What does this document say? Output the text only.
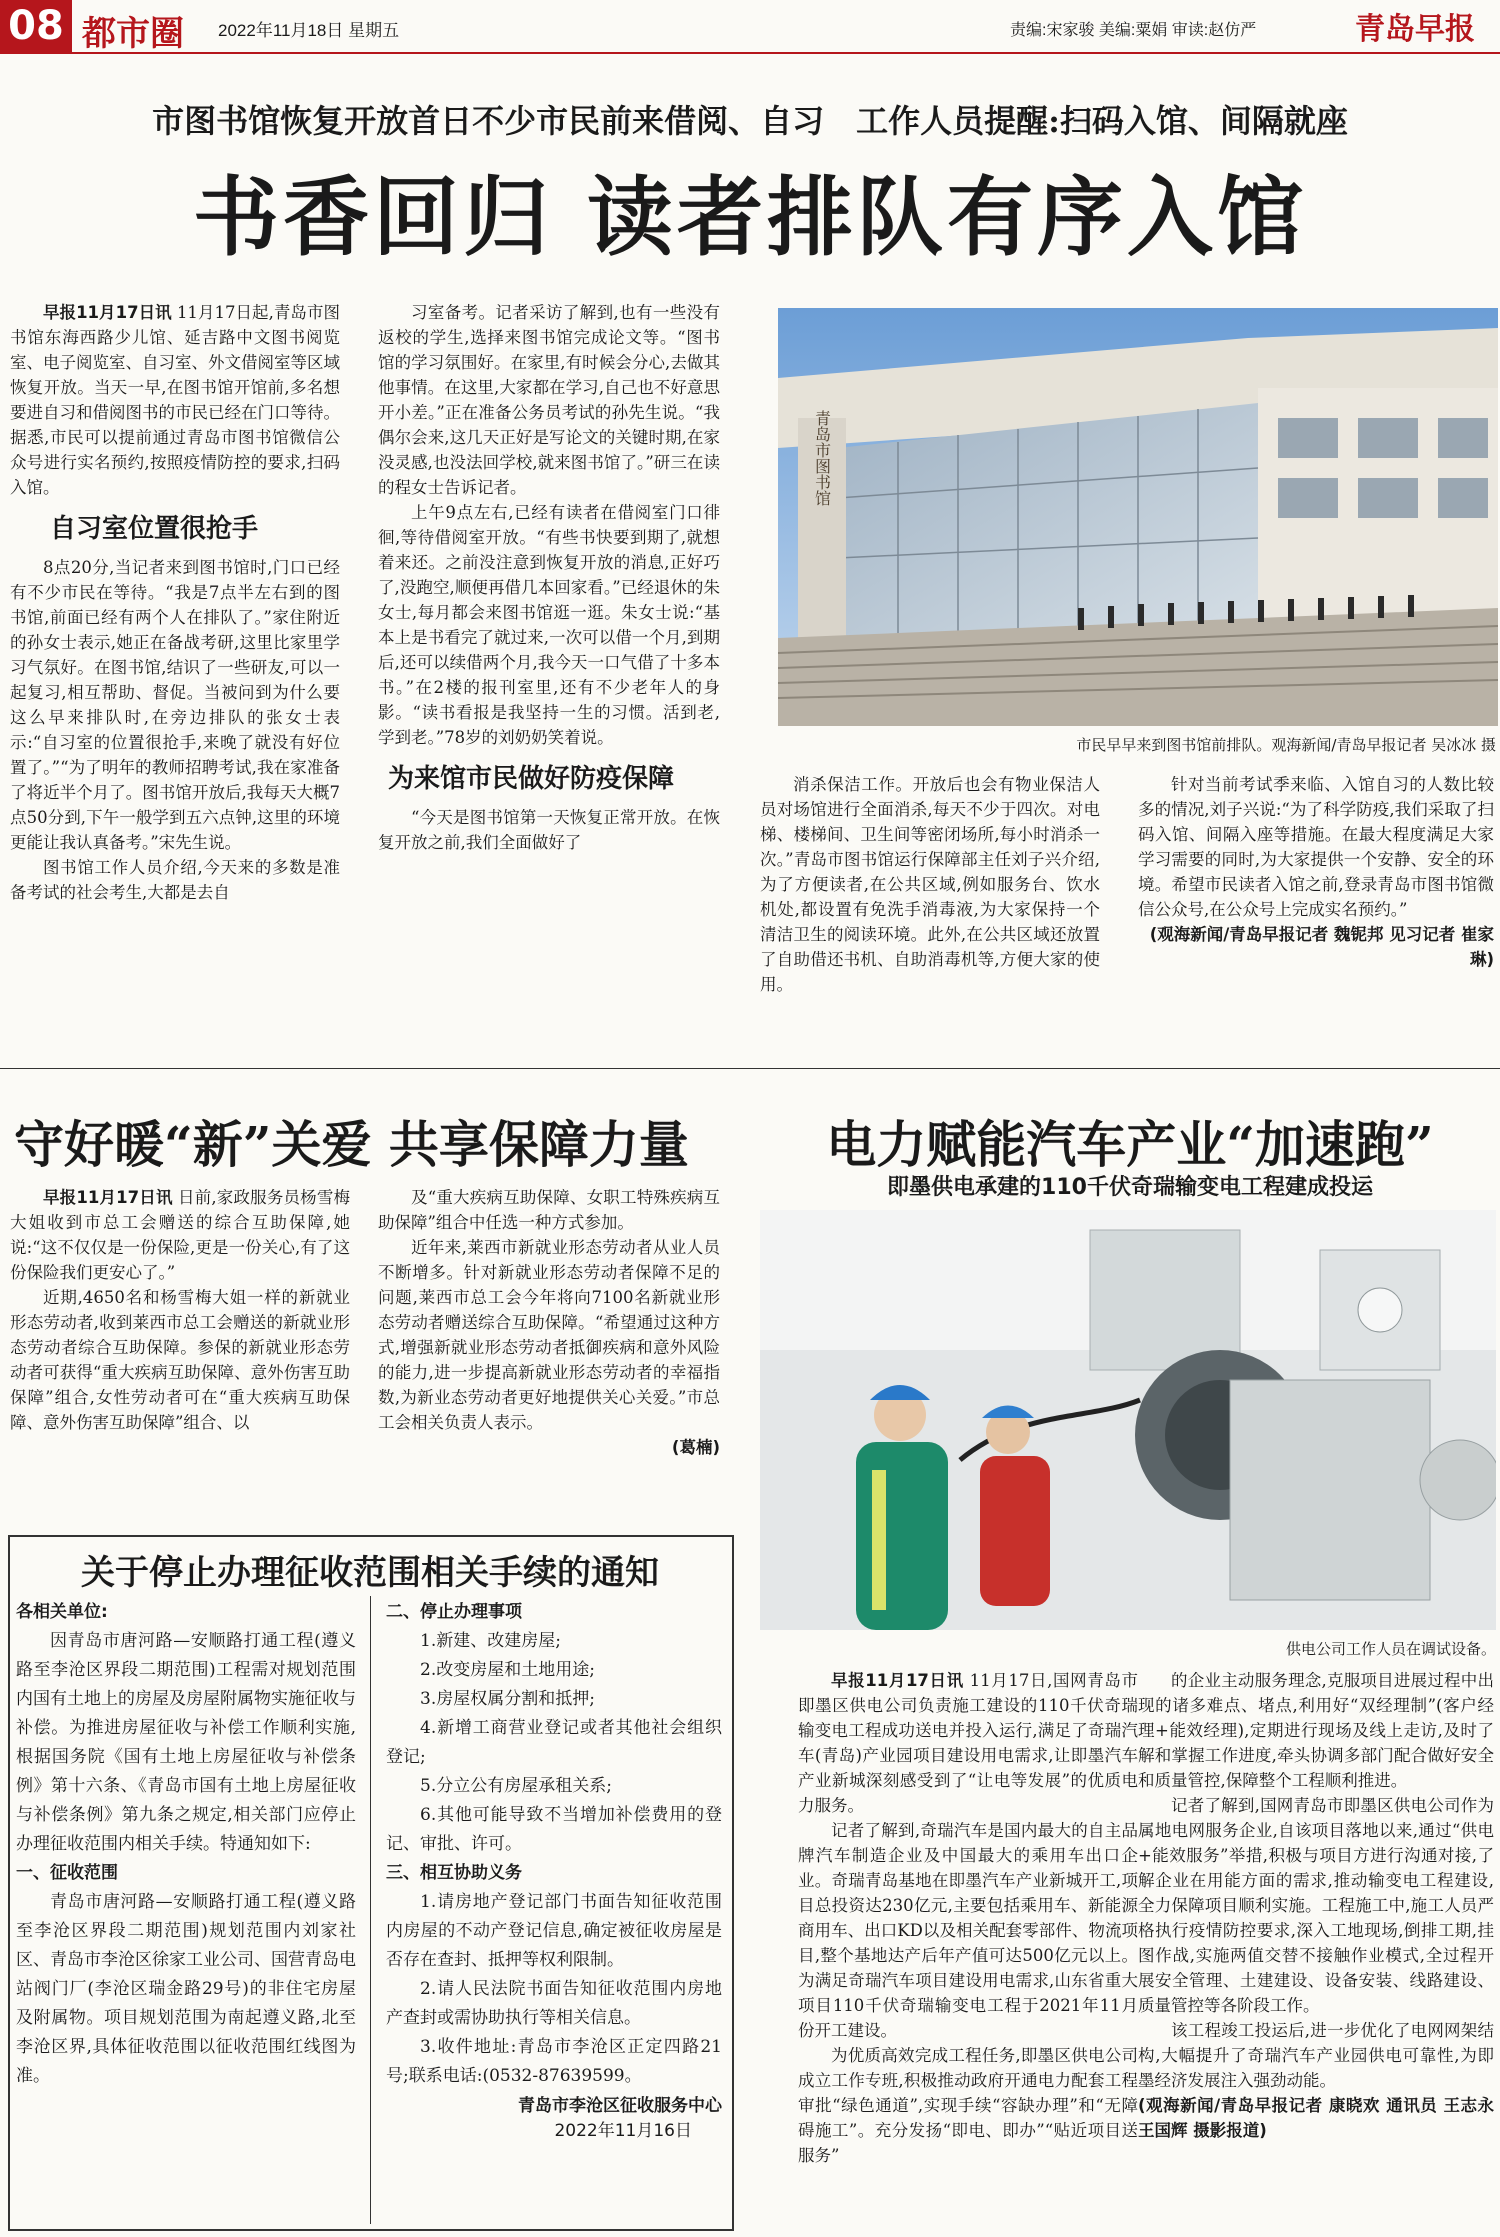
08 都市圈 2022年11月18日 星期五	责编:宋家骏 美编:粟娟 审读:赵仿严	青岛早报
市图书馆恢复开放首日不少市民前来借阅、自习　工作人员提醒:扫码入馆、间隔就座
书香回归 读者排队有序入馆

早报11月17日讯 11月17日起,青岛市图书馆东海西路少儿馆、延吉路中文图书阅览室、电子阅览室、自习室、外文借阅室等区域恢复开放。当天一早,在图书馆开馆前,多名想要进自习和借阅图书的市民已经在门口等待。据悉,市民可以提前通过青岛市图书馆微信公众号进行实名预约,按照疫情防控的要求,扫码入馆。

自习室位置很抢手

8点20分,当记者来到图书馆时,门口已经有不少市民在等待。“我是7点半左右到的图书馆,前面已经有两个人在排队了。”家住附近的孙女士表示,她正在备战考研,这里比家里学习气氛好。在图书馆,结识了一些研友,可以一起复习,相互帮助、督促。当被问到为什么要这么早来排队时,在旁边排队的张女士表示:“自习室的位置很抢手,来晚了就没有好位置了。”“为了明年的教师招聘考试,我在家准备了将近半个月了。图书馆开放后,我每天大概7点50分到,下午一般学到五六点钟,这里的环境更能让我认真备考。”宋先生说。

图书馆工作人员介绍,今天来的多数是准备考试的社会考生,大都是去自

习室备考。记者采访了解到,也有一些没有返校的学生,选择来图书馆完成论文等。“图书馆的学习氛围好。在家里,有时候会分心,去做其他事情。在这里,大家都在学习,自己也不好意思开小差。”正在准备公务员考试的孙先生说。“我偶尔会来,这几天正好是写论文的关键时期,在家没灵感,也没法回学校,就来图书馆了。”研三在读的程女士告诉记者。

上午9点左右,已经有读者在借阅室门口徘徊,等待借阅室开放。“有些书快要到期了,就想着来还。之前没注意到恢复开放的消息,正好巧了,没跑空,顺便再借几本回家看。”已经退休的朱女士,每月都会来图书馆逛一逛。朱女士说:“基本上是书看完了就过来,一次可以借一个月,到期后,还可以续借两个月,我今天一口气借了十多本书。”在2楼的报刊室里,还有不少老年人的身影。“读书看报是我坚持一生的习惯。活到老,学到老。”78岁的刘奶奶笑着说。

为来馆市民做好防疫保障

“今天是图书馆第一天恢复正常开放。在恢复开放之前,我们全面做好了

青岛市图书馆
市民早早来到图书馆前排队。观海新闻/青岛早报记者 吴冰冰 摄

消杀保洁工作。开放后也会有物业保洁人员对场馆进行全面消杀,每天不少于四次。对电梯、楼梯间、卫生间等密闭场所,每小时消杀一次。”青岛市图书馆运行保障部主任刘子兴介绍,为了方便读者,在公共区域,例如服务台、饮水机处,都设置有免洗手消毒液,为大家保持一个清洁卫生的阅读环境。此外,在公共区域还放置了自助借还书机、自助消毒机等,方便大家的使用。

针对当前考试季来临、入馆自习的人数比较多的情况,刘子兴说:“为了科学防疫,我们采取了扫码入馆、间隔入座等措施。在最大程度满足大家学习需要的同时,为大家提供一个安静、安全的环境。希望市民读者入馆之前,登录青岛市图书馆微信公众号,在公众号上完成实名预约。”

(观海新闻/青岛早报记者 魏铌邦 见习记者 崔家琳)

守好暖“新”关爱 共享保障力量

早报11月17日讯 日前,家政服务员杨雪梅大姐收到市总工会赠送的综合互助保障,她说:“这不仅仅是一份保险,更是一份关心,有了这份保险我们更安心了。”

近期,4650名和杨雪梅大姐一样的新就业形态劳动者,收到莱西市总工会赠送的新就业形态劳动者综合互助保障。参保的新就业形态劳动者可获得“重大疾病互助保障、意外伤害互助保障”组合,女性劳动者可在“重大疾病互助保障、意外伤害互助保障”组合、以

及“重大疾病互助保障、女职工特殊疾病互助保障”组合中任选一种方式参加。

近年来,莱西市新就业形态劳动者从业人员不断增多。针对新就业形态劳动者保障不足的问题,莱西市总工会今年将向7100名新就业形态劳动者赠送综合互助保障。“希望通过这种方式,增强新就业形态劳动者抵御疾病和意外风险的能力,进一步提高新就业形态劳动者的幸福指数,为新业态劳动者更好地提供关心关爱。”市总工会相关负责人表示。

(葛楠)

电力赋能汽车产业“加速跑”
即墨供电承建的110千伏奇瑞输变电工程建成投运
供电公司工作人员在调试设备。

早报11月17日讯 11月17日,国网青岛市即墨区供电公司负责施工建设的110千伏奇瑞输变电工程成功送电并投入运行,满足了奇瑞汽车(青岛)产业园项目建设用电需求,让即墨汽车产业新城深刻感受到了“让电等发展”的优质电力服务。

记者了解到,奇瑞汽车是国内最大的自主品牌汽车制造企业及中国最大的乘用车出口企业。奇瑞青岛基地在即墨汽车产业新城开工,项目总投资达230亿元,主要包括乘用车、新能源商用车、出口KD以及相关配套零部件、物流项目,整个基地达产后年产值可达500亿元以上。为满足奇瑞汽车项目建设用电需求,山东省重大项目110千伏奇瑞输变电工程于2021年11月份开工建设。

为优质高效完成工程任务,即墨区供电公司成立工作专班,积极推动政府开通电力配套工程审批“绿色通道”,实现手续“容缺办理”和“无障碍施工”。充分发扬“即电、即办”“贴近项目送服务”

的企业主动服务理念,克服项目进展过程中出现的诸多难点、堵点,利用好“双经理制”(客户经理+能效经理),定期进行现场及线上走访,及时了解和掌握工作进度,牵头协调多部门配合做好安全和质量管控,保障整个工程顺利推进。

记者了解到,国网青岛市即墨区供电公司作为属地电网服务企业,自该项目落地以来,通过“供电+能效服务”举措,积极与项目方进行沟通对接,了解企业在用能方面的需求,推动输变电工程建设,全力保障项目顺利实施。工程施工中,施工人员严格执行疫情防控要求,深入工地现场,倒排工期,挂图作战,实施两值交替不接触作业模式,全过程开展安全管理、土建建设、设备安装、线路建设、质量管控等各阶段工作。

该工程竣工投运后,进一步优化了电网网架结构,大幅提升了奇瑞汽车产业园供电可靠性,为即墨经济发展注入强劲动能。

(观海新闻/青岛早报记者 康晓欢 通讯员 王志永 王国辉 摄影报道)

关于停止办理征收范围相关手续的通知

各相关单位:

因青岛市唐河路—安顺路打通工程(遵义路至李沧区界段二期范围)工程需对规划范围内国有土地上的房屋及房屋附属物实施征收与补偿。为推进房屋征收与补偿工作顺利实施,根据国务院《国有土地上房屋征收与补偿条例》第十六条、《青岛市国有土地上房屋征收与补偿条例》第九条之规定,相关部门应停止办理征收范围内相关手续。特通知如下:

一、征收范围

青岛市唐河路—安顺路打通工程(遵义路至李沧区界段二期范围)规划范围内刘家社区、青岛市李沧区徐家工业公司、国营青岛电站阀门厂(李沧区瑞金路29号)的非住宅房屋及附属物。项目规划范围为南起遵义路,北至李沧区界,具体征收范围以征收范围红线图为准。

二、停止办理事项

1.新建、改建房屋;

2.改变房屋和土地用途;

3.房屋权属分割和抵押;

4.新增工商营业登记或者其他社会组织登记;

5.分立公有房屋承租关系;

6.其他可能导致不当增加补偿费用的登记、审批、许可。

三、相互协助义务

1.请房地产登记部门书面告知征收范围内房屋的不动产登记信息,确定被征收房屋是否存在查封、抵押等权利限制。

2.请人民法院书面告知征收范围内房地产查封或需协助执行等相关信息。

3.收件地址:青岛市李沧区正定四路21号;联系电话:(0532-87639599。

青岛市李沧区征收服务中心

2022年11月16日
